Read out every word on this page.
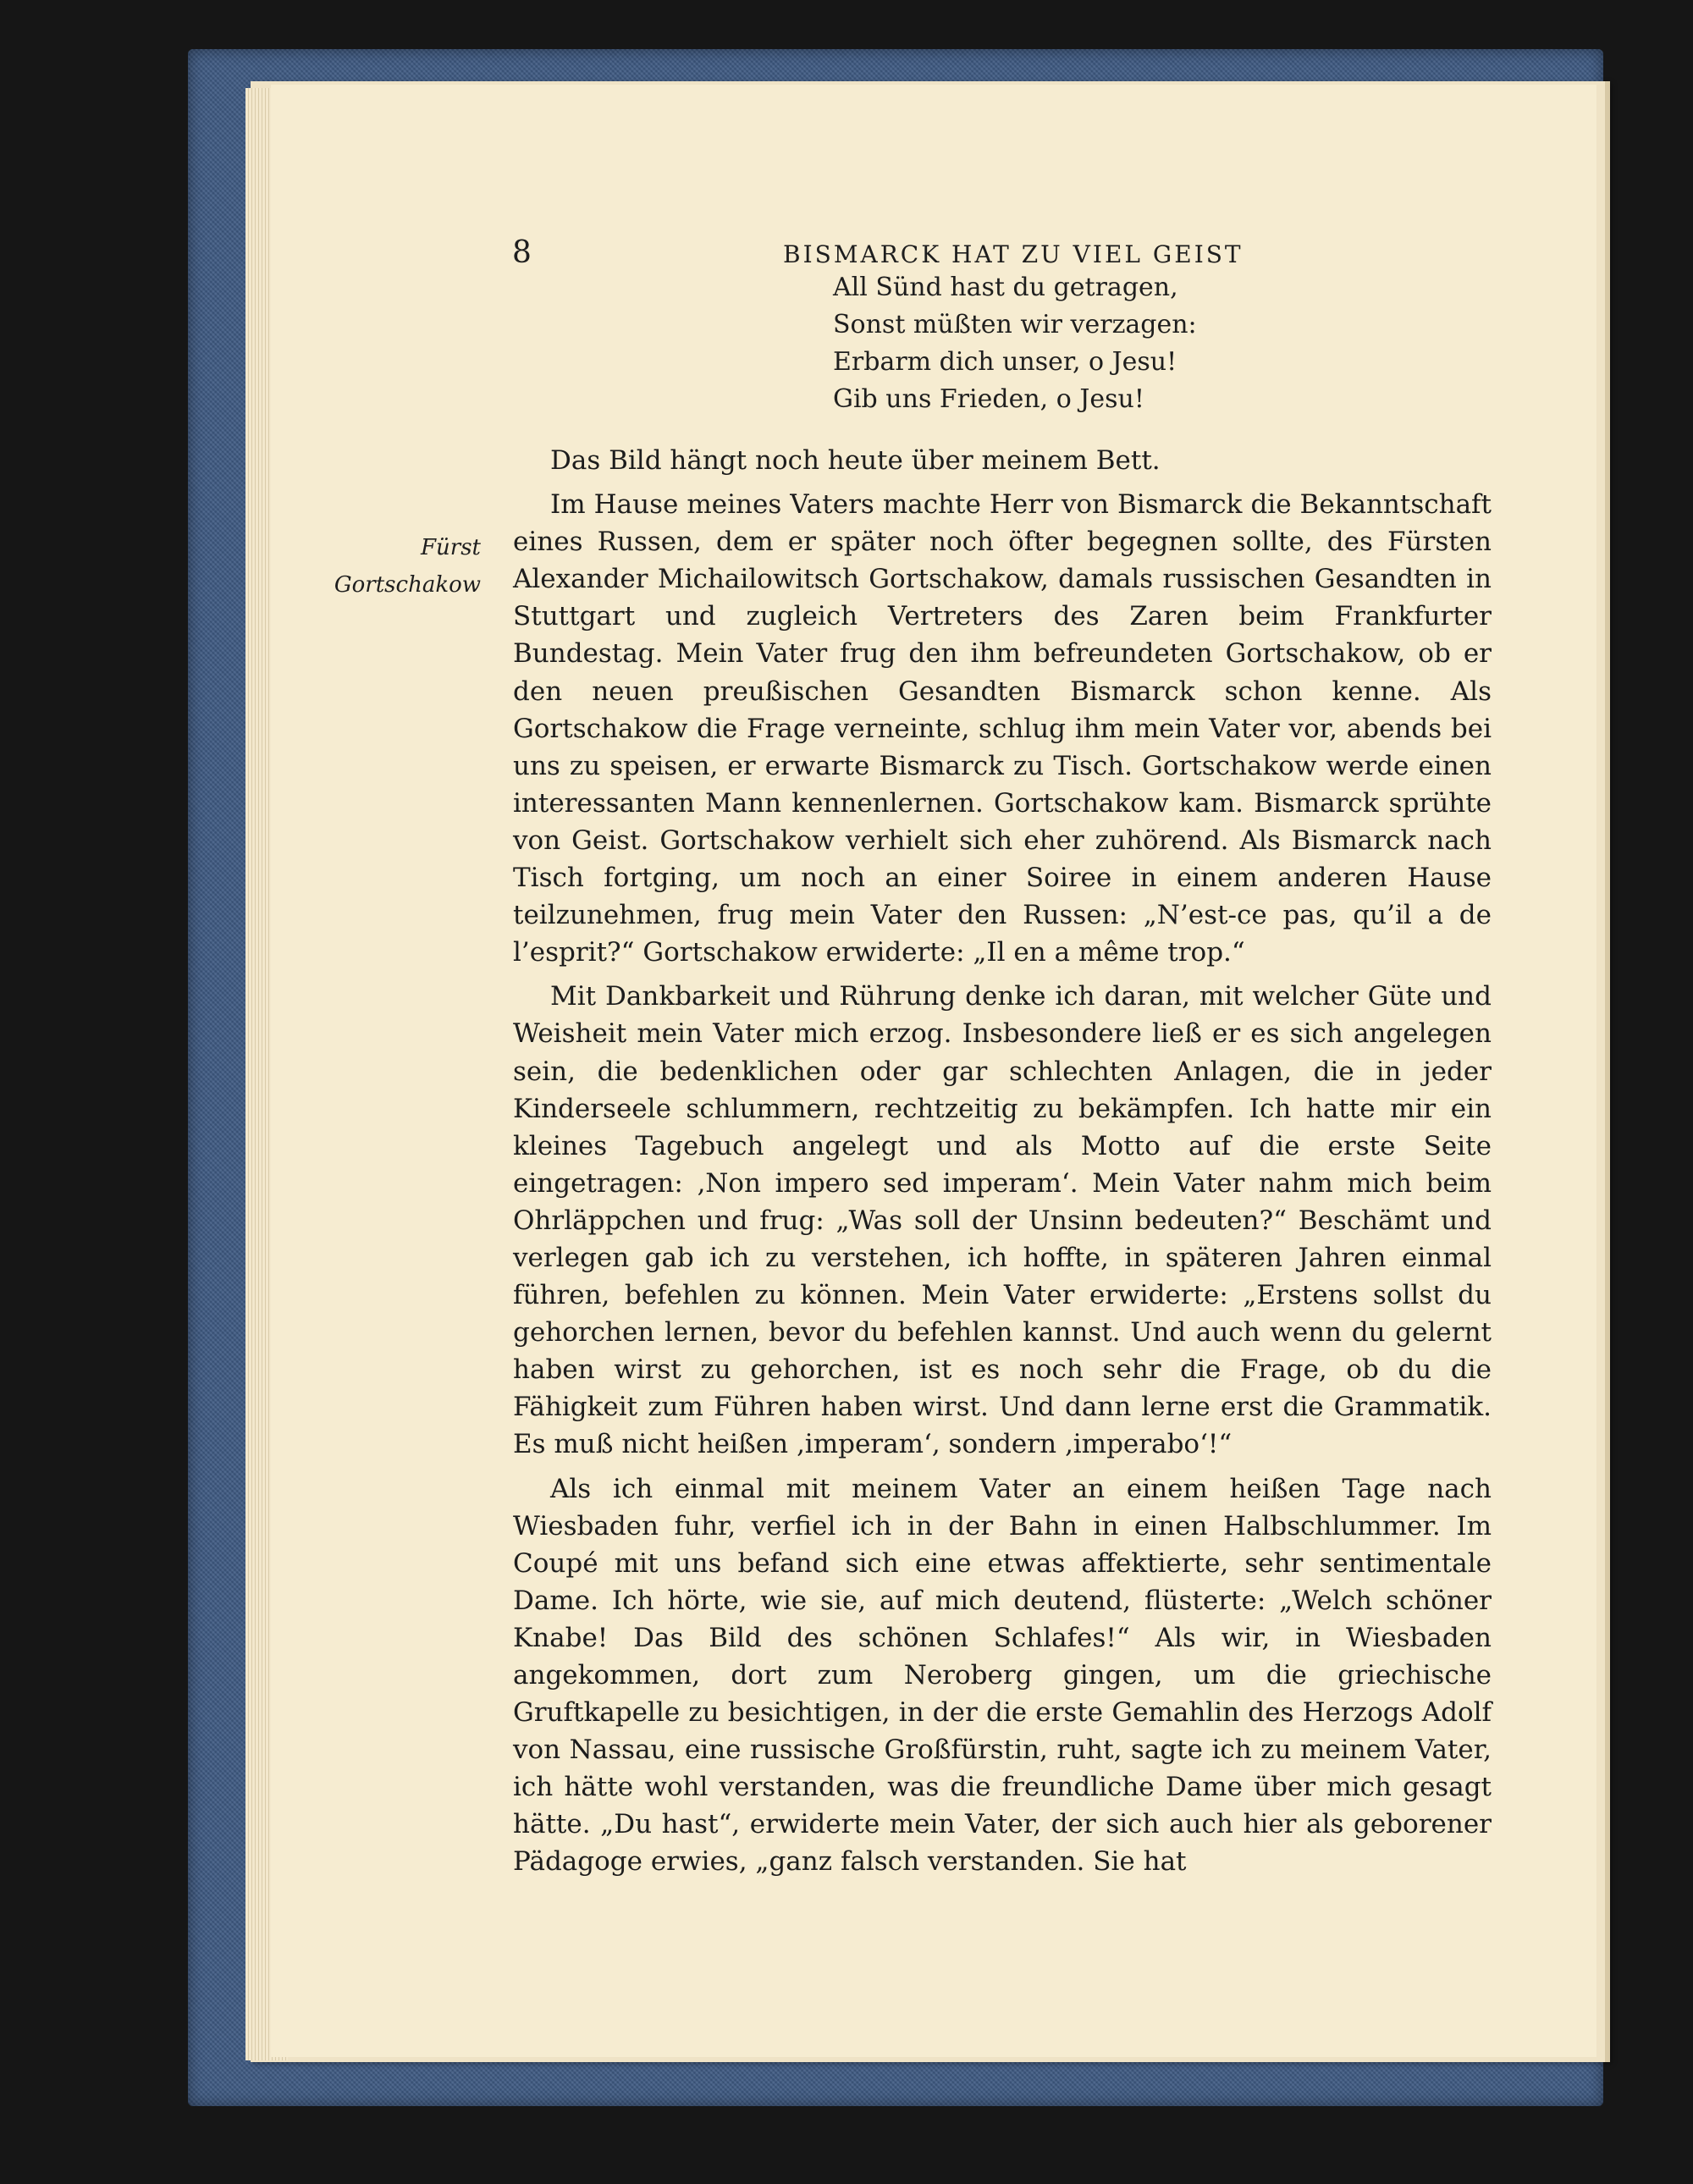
8	BISMARCK HAT ZU VIEL GEIST
All Sünd hast du getragen,
Sonst müßten wir verzagen:
Erbarm dich unser, o Jesu!
Gib uns Frieden, o Jesu!
Fürst
Gortschakow

Das Bild hängt noch heute über meinem Bett.

Im Hause meines Vaters machte Herr von Bismarck die Bekanntschaft eines Russen, dem er später noch öfter begegnen sollte, des Fürsten Alexander Michailowitsch Gortschakow, damals russischen Gesandten in Stuttgart und zugleich Vertreters des Zaren beim Frankfurter Bundestag. Mein Vater frug den ihm befreundeten Gortschakow, ob er den neuen preußischen Gesandten Bismarck schon kenne. Als Gortschakow die Frage verneinte, schlug ihm mein Vater vor, abends bei uns zu speisen, er erwarte Bismarck zu Tisch. Gortschakow werde einen interessanten Mann kennenlernen. Gortschakow kam. Bismarck sprühte von Geist. Gortschakow verhielt sich eher zuhörend. Als Bismarck nach Tisch fortging, um noch an einer Soiree in einem anderen Hause teilzunehmen, frug mein Vater den Russen: „N’est-ce pas, qu’il a de l’esprit?“ Gortschakow erwiderte: „Il en a même trop.“

Mit Dankbarkeit und Rührung denke ich daran, mit welcher Güte und Weisheit mein Vater mich erzog. Insbesondere ließ er es sich angelegen sein, die bedenklichen oder gar schlechten Anlagen, die in jeder Kinderseele schlummern, rechtzeitig zu bekämpfen. Ich hatte mir ein kleines Tagebuch angelegt und als Motto auf die erste Seite eingetragen: ‚Non impero sed imperam‘. Mein Vater nahm mich beim Ohrläppchen und frug: „Was soll der Unsinn bedeuten?“ Beschämt und verlegen gab ich zu verstehen, ich hoffte, in späteren Jahren einmal führen, befehlen zu können. Mein Vater erwiderte: „Erstens sollst du gehorchen lernen, bevor du befehlen kannst. Und auch wenn du gelernt haben wirst zu gehorchen, ist es noch sehr die Frage, ob du die Fähigkeit zum Führen haben wirst. Und dann lerne erst die Grammatik. Es muß nicht heißen ‚imperam‘, sondern ‚imperabo‘!“

Als ich einmal mit meinem Vater an einem heißen Tage nach Wiesbaden fuhr, verfiel ich in der Bahn in einen Halbschlummer. Im Coupé mit uns befand sich eine etwas affektierte, sehr sentimentale Dame. Ich hörte, wie sie, auf mich deutend, flüsterte: „Welch schöner Knabe! Das Bild des schönen Schlafes!“ Als wir, in Wiesbaden angekommen, dort zum Neroberg gingen, um die griechische Gruftkapelle zu besichtigen, in der die erste Gemahlin des Herzogs Adolf von Nassau, eine russische Großfürstin, ruht, sagte ich zu meinem Vater, ich hätte wohl verstanden, was die freundliche Dame über mich gesagt hätte. „Du hast“, erwiderte mein Vater, der sich auch hier als geborener Pädagoge erwies, „ganz falsch verstanden. Sie hat
